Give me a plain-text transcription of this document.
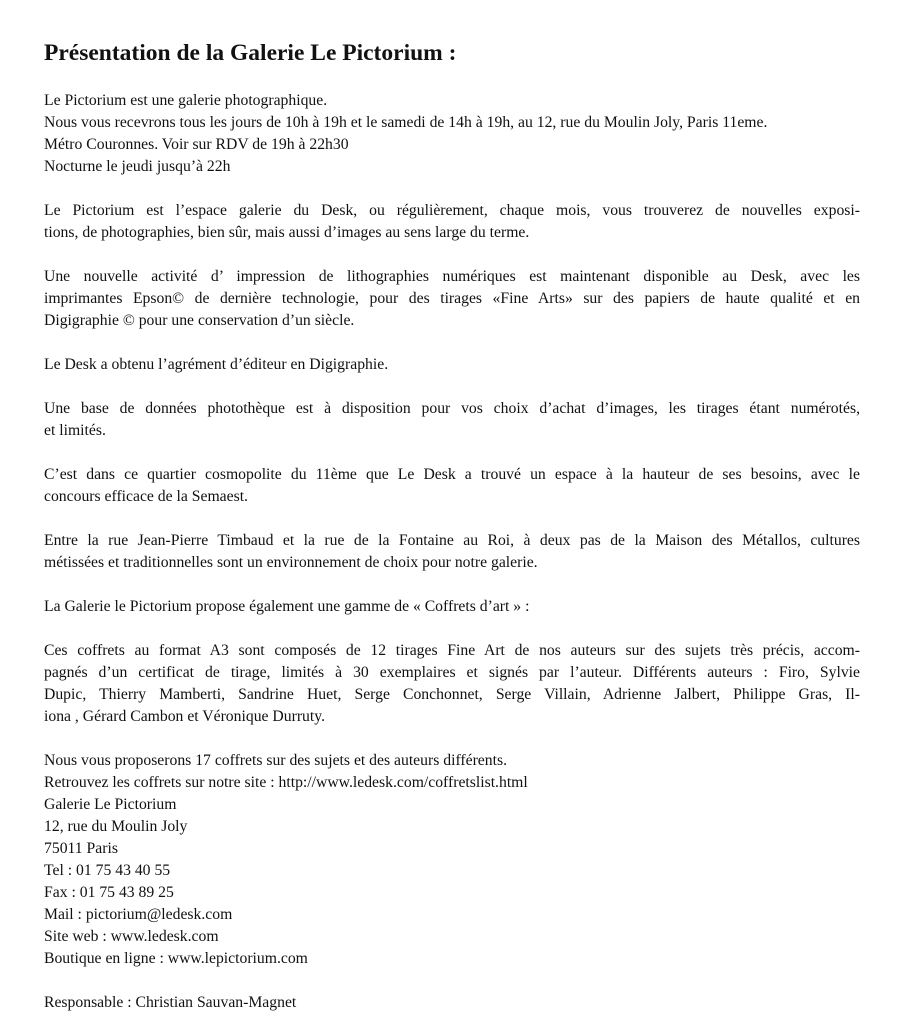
Présentation de la Galerie Le Pictorium :
Le Pictorium est une galerie photographique.
Nous vous recevrons tous les jours de 10h à 19h et le samedi de 14h à 19h, au 12, rue du Moulin Joly, Paris 11eme.
Métro Couronnes. Voir sur RDV de 19h à 22h30
Nocturne le jeudi jusqu’à 22h
Le Pictorium est l’espace galerie du Desk, ou régulièrement, chaque mois, vous trouverez de nouvelles exposi-
tions, de photographies, bien sûr, mais aussi d’images au sens large du terme.
Une nouvelle activité d’ impression de lithographies numériques est maintenant disponible au Desk, avec les
imprimantes Epson© de dernière technologie, pour des tirages «Fine Arts» sur des papiers de haute qualité et en
Digigraphie © pour une conservation d’un siècle.
Le Desk a obtenu l’agrément d’éditeur en Digigraphie.
Une base de données photothèque est à disposition pour vos choix d’achat d’images, les tirages étant numérotés,
et limités.
C’est dans ce quartier cosmopolite du 11ème que Le Desk a trouvé un espace à la hauteur de ses besoins, avec le
concours efficace de la Semaest.
Entre la rue Jean-Pierre Timbaud et la rue de la Fontaine au Roi, à deux pas de la Maison des Métallos, cultures
métissées et traditionnelles sont un environnement de choix pour notre galerie.
La Galerie le Pictorium propose également une gamme de « Coffrets d’art » :
Ces coffrets au format A3 sont composés de 12 tirages Fine Art de nos auteurs sur des sujets très précis, accom-
pagnés d’un certificat de tirage, limités à 30 exemplaires et signés par l’auteur. Différents auteurs : Firo, Sylvie
Dupic, Thierry Mamberti, Sandrine Huet, Serge Conchonnet, Serge Villain, Adrienne Jalbert, Philippe Gras, Il-
iona , Gérard Cambon et Véronique Durruty.
Nous vous proposerons 17 coffrets sur des sujets et des auteurs différents.
Retrouvez les coffrets sur notre site : http://www.ledesk.com/coffretslist.html
Galerie Le Pictorium
12, rue du Moulin Joly
75011 Paris
Tel : 01 75 43 40 55
Fax : 01 75 43 89 25
Mail : pictorium@ledesk.com
Site web : www.ledesk.com
Boutique en ligne : www.lepictorium.com

Responsable : Christian Sauvan-Magnet
